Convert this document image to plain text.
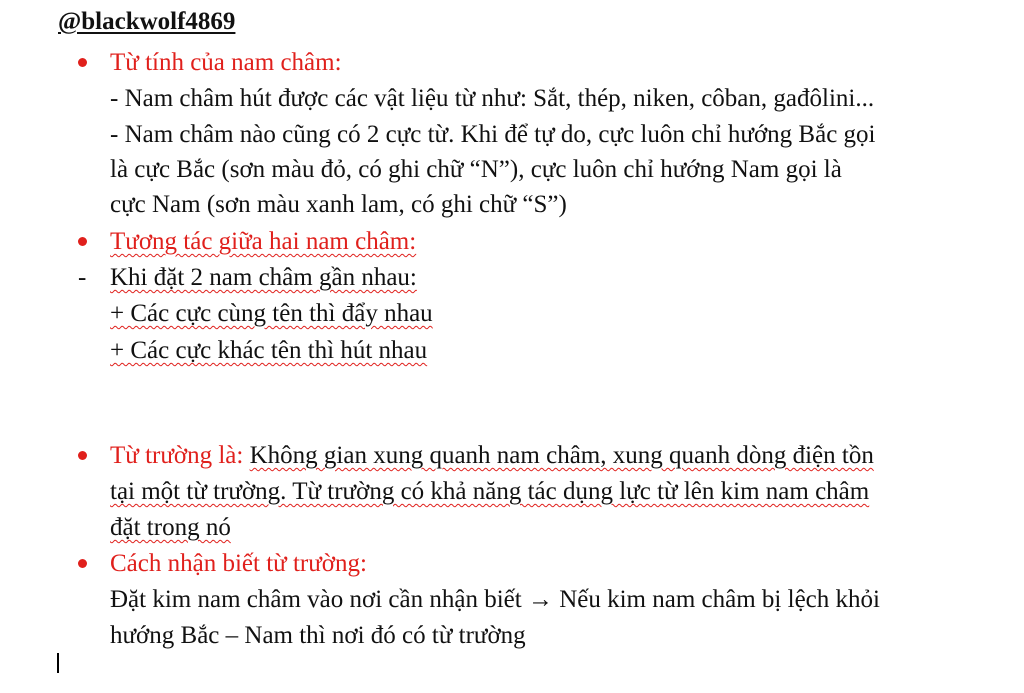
@blackwolf4869
Từ tính của nam châm:
- Nam châm hút được các vật liệu từ như: Sắt, thép, niken, côban, gađôlini...
- Nam châm nào cũng có 2 cực từ. Khi để tự do, cực luôn chỉ hướng Bắc gọi
là cực Bắc (sơn màu đỏ, có ghi chữ “N”), cực luôn chỉ hướng Nam gọi là
cực Nam (sơn màu xanh lam, có ghi chữ “S”)
Tương tác giữa hai nam châm:
- Khi đặt 2 nam châm gần nhau:
+ Các cực cùng tên thì đẩy nhau
+ Các cực khác tên thì hút nhau
Từ trường là: Không gian xung quanh nam châm, xung quanh dòng điện tồn
tại một từ trường. Từ trường có khả năng tác dụng lực từ lên kim nam châm
đặt trong nó
Cách nhận biết từ trường:
Đặt kim nam châm vào nơi cần nhận biết → Nếu kim nam châm bị lệch khỏi
hướng Bắc – Nam thì nơi đó có từ trường
